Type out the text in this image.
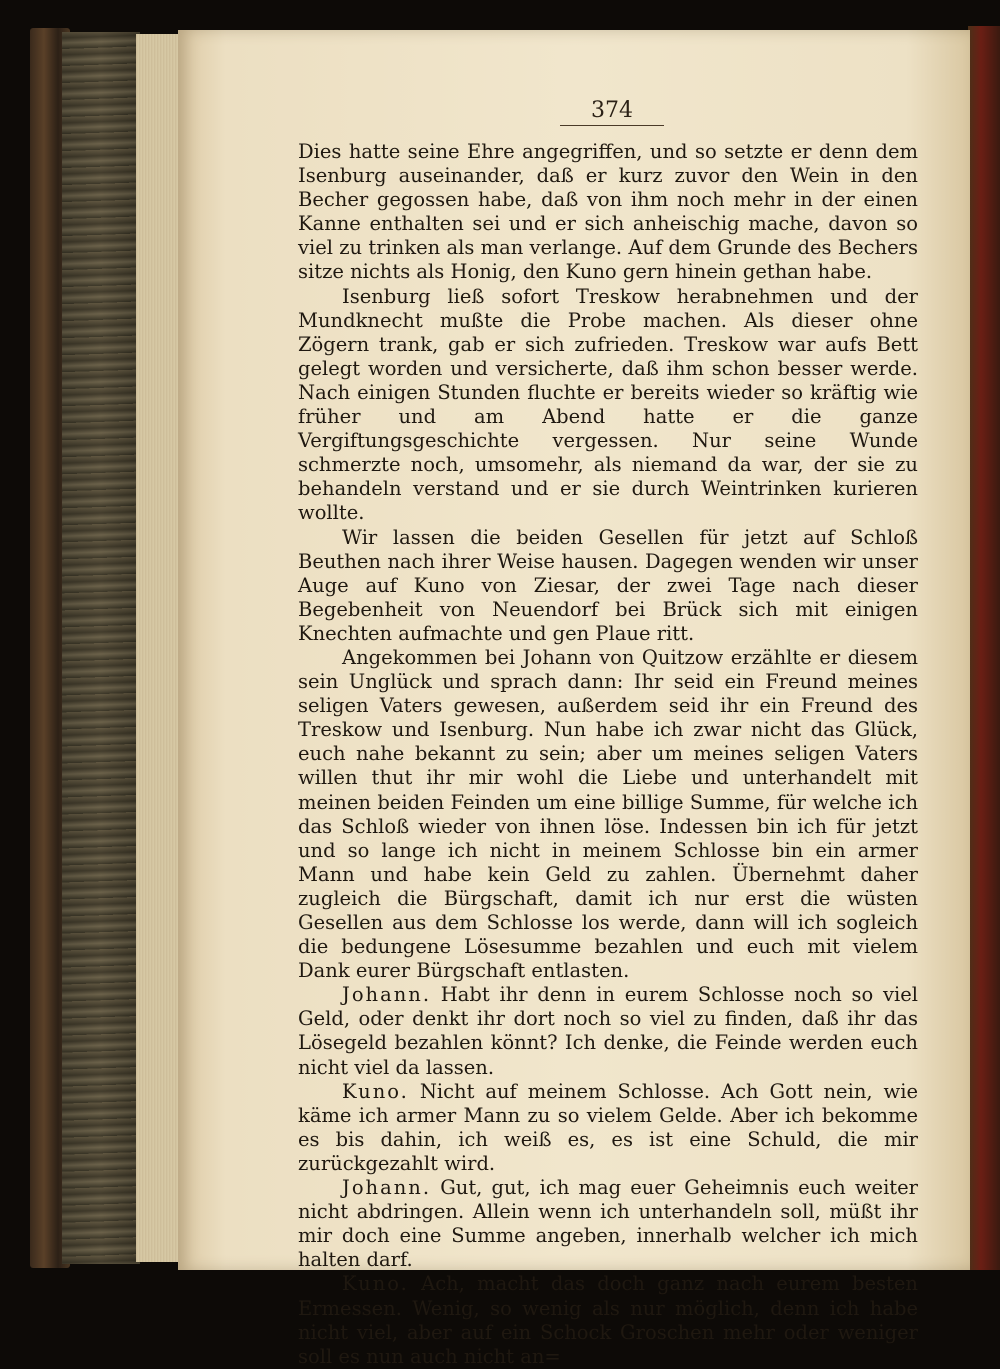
374

Dies hatte seine Ehre angegriffen, und so setzte er denn dem Isenburg auseinander, daß er kurz zuvor den Wein in den Becher gegossen habe, daß von ihm noch mehr in der einen Kanne enthalten sei und er sich anheischig mache, davon so viel zu trinken als man verlange. Auf dem Grunde des Bechers sitze nichts als Honig, den Kuno gern hinein gethan habe.

Isenburg ließ sofort Treskow herabnehmen und der Mundknecht mußte die Probe machen. Als dieser ohne Zögern trank, gab er sich zufrieden. Treskow war aufs Bett gelegt worden und versicherte, daß ihm schon besser werde. Nach einigen Stunden fluchte er bereits wieder so kräftig wie früher und am Abend hatte er die ganze Vergiftungsgeschichte vergessen. Nur seine Wunde schmerzte noch, umsomehr, als niemand da war, der sie zu behandeln verstand und er sie durch Weintrinken kurieren wollte.

Wir lassen die beiden Gesellen für jetzt auf Schloß Beuthen nach ihrer Weise hausen. Dagegen wenden wir unser Auge auf Kuno von Ziesar, der zwei Tage nach dieser Begebenheit von Neuendorf bei Brück sich mit einigen Knechten aufmachte und gen Plaue ritt.

Angekommen bei Johann von Quitzow erzählte er diesem sein Unglück und sprach dann: Ihr seid ein Freund meines seligen Vaters gewesen, außerdem seid ihr ein Freund des Treskow und Isenburg. Nun habe ich zwar nicht das Glück, euch nahe bekannt zu sein; aber um meines seligen Vaters willen thut ihr mir wohl die Liebe und unterhandelt mit meinen beiden Feinden um eine billige Summe, für welche ich das Schloß wieder von ihnen löse. Indessen bin ich für jetzt und so lange ich nicht in meinem Schlosse bin ein armer Mann und habe kein Geld zu zahlen. Übernehmt daher zugleich die Bürgschaft, damit ich nur erst die wüsten Gesellen aus dem Schlosse los werde, dann will ich sogleich die bedungene Lösesumme bezahlen und euch mit vielem Dank eurer Bürgschaft entlasten.

Johann. Habt ihr denn in eurem Schlosse noch so viel Geld, oder denkt ihr dort noch so viel zu finden, daß ihr das Lösegeld bezahlen könnt? Ich denke, die Feinde werden euch nicht viel da lassen.

Kuno. Nicht auf meinem Schlosse. Ach Gott nein, wie käme ich armer Mann zu so vielem Gelde. Aber ich bekomme es bis dahin, ich weiß es, es ist eine Schuld, die mir zurückgezahlt wird.

Johann. Gut, gut, ich mag euer Geheimnis euch weiter nicht abdringen. Allein wenn ich unterhandeln soll, müßt ihr mir doch eine Summe angeben, innerhalb welcher ich mich halten darf.

Kuno. Ach, macht das doch ganz nach eurem besten Ermessen. Wenig, so wenig als nur möglich, denn ich habe nicht viel, aber auf ein Schock Groschen mehr oder weniger soll es nun auch nicht an=
